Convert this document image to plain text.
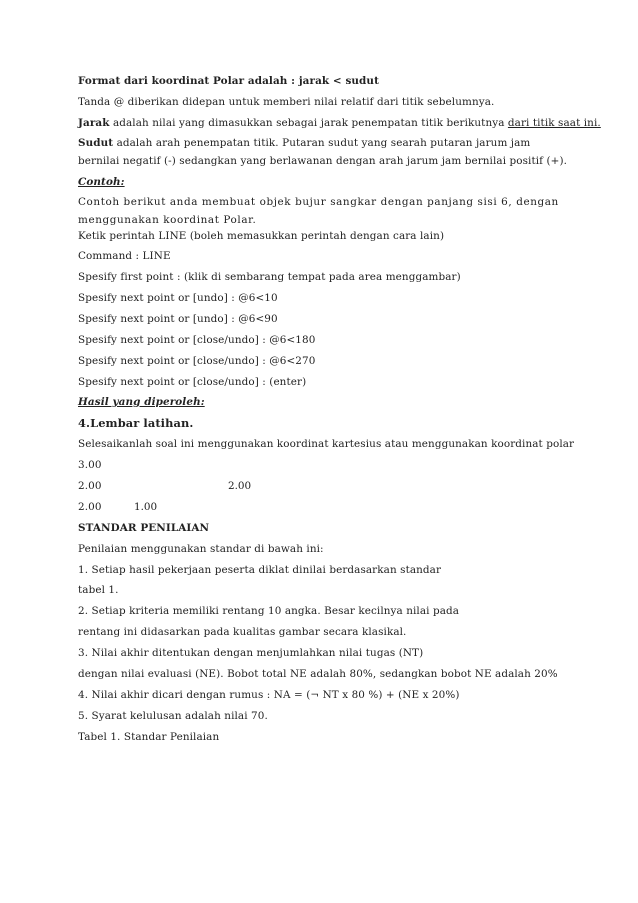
Format dari koordinat Polar adalah : jarak < sudut
Tanda @ diberikan didepan untuk memberi nilai relatif dari titik sebelumnya.
Jarak adalah nilai yang dimasukkan sebagai jarak penempatan titik berikutnya dari titik saat ini.
Sudut adalah arah penempatan titik. Putaran sudut yang searah putaran jarum jam bernilai negatif (-) sedangkan yang berlawanan dengan arah jarum jam bernilai positif (+).
Contoh:
Contoh berikut anda membuat objek bujur sangkar dengan panjang sisi 6, dengan menggunakan koordinat Polar.
Ketik perintah LINE (boleh memasukkan perintah dengan cara lain)
Command : LINE
Spesify first point : (klik di sembarang tempat pada area menggambar)
Spesify next point or [undo] : @6<10
Spesify next point or [undo] : @6<90
Spesify next point or [close/undo] : @6<180
Spesify next point or [close/undo] : @6<270
Spesify next point or [close/undo] : (enter)
Hasil yang diperoleh:
4.Lembar latihan.
Selesaikanlah soal ini menggunakan koordinat kartesius atau menggunakan koordinat polar
3.00
2.00	2.00
2.00	1.00
STANDAR PENILAIAN
Penilaian menggunakan standar di bawah ini:
1. Setiap hasil pekerjaan peserta diklat dinilai berdasarkan standar
tabel 1.
2. Setiap kriteria memiliki rentang 10 angka. Besar kecilnya nilai pada
rentang ini didasarkan pada kualitas gambar secara klasikal.
3. Nilai akhir ditentukan dengan menjumlahkan nilai tugas (NT)
dengan nilai evaluasi (NE). Bobot total NE adalah 80%, sedangkan bobot NE adalah 20%
4. Nilai akhir dicari dengan rumus : NA = (¬ NT x 80 %) + (NE x 20%)
5. Syarat kelulusan adalah nilai 70.
Tabel 1. Standar Penilaian
